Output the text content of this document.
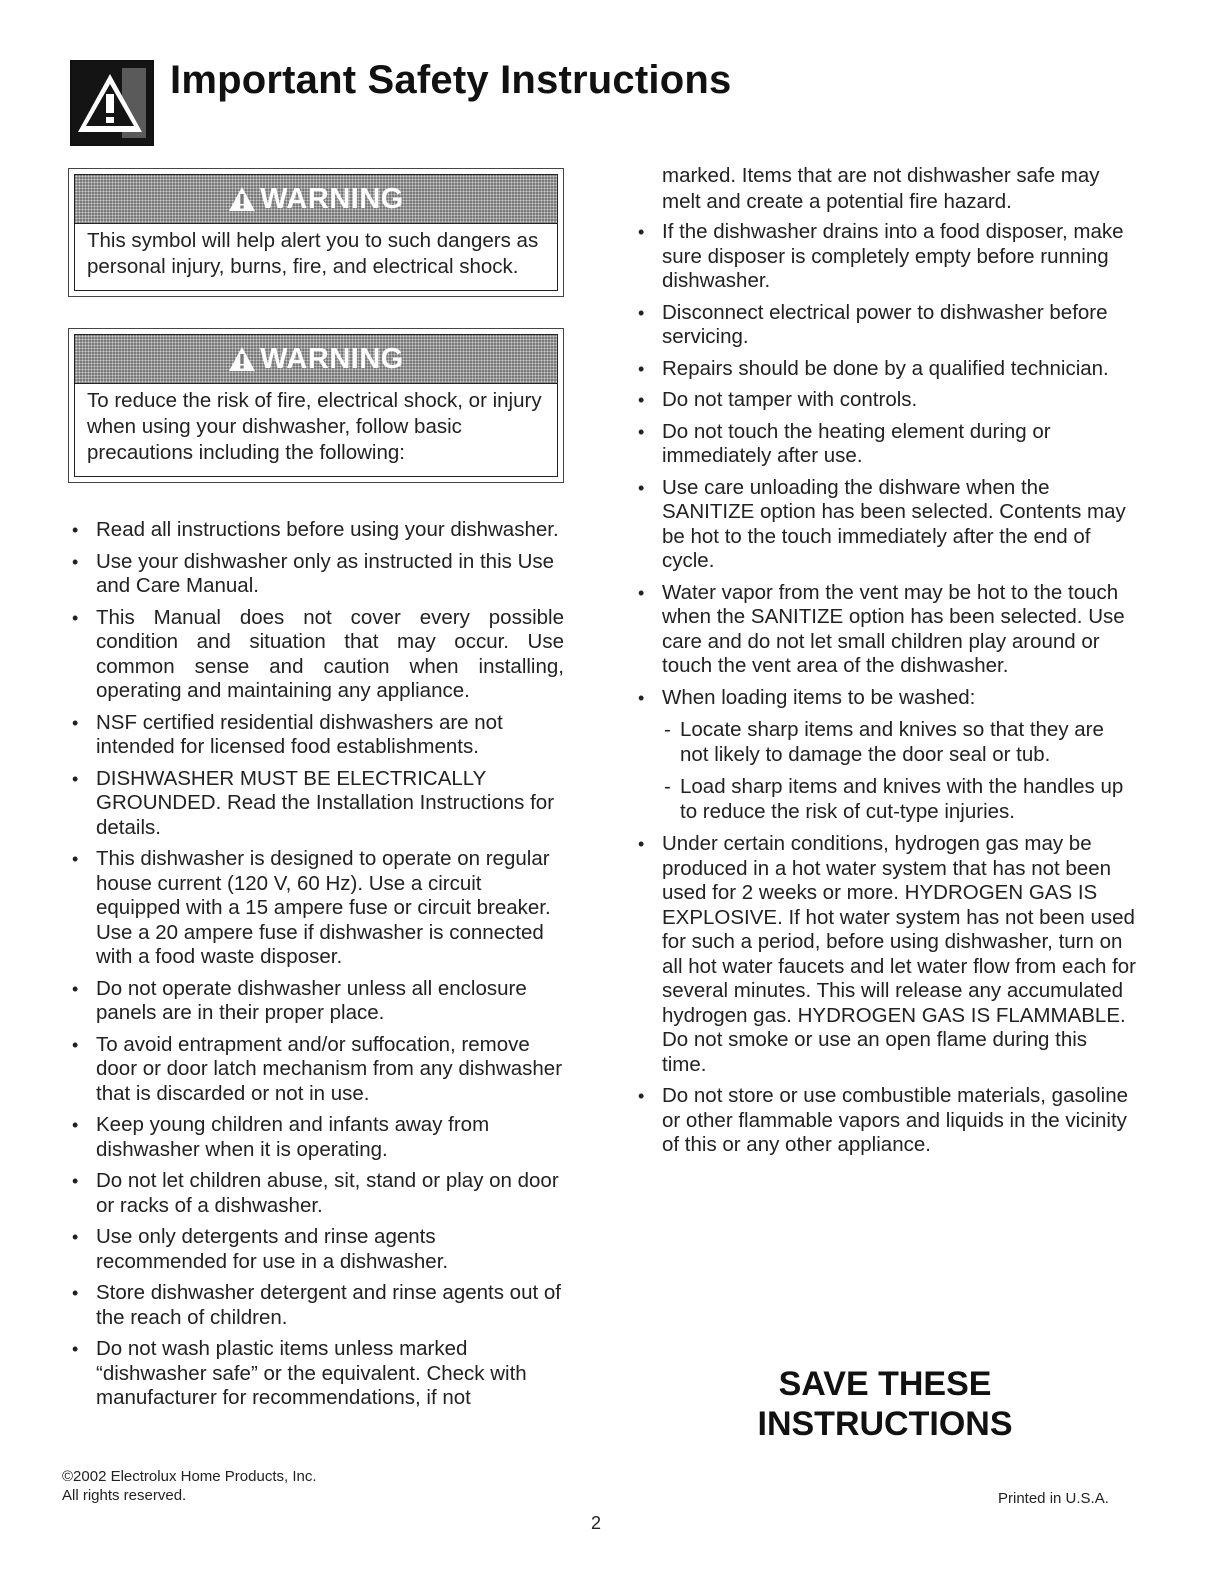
Important Safety Instructions
WARNING
This symbol will help alert you to such dangers as personal injury, burns, fire, and electrical shock.
WARNING
To reduce the risk of fire, electrical shock, or injury when using your dishwasher, follow basic precautions including the following:
• Read all instructions before using your dishwasher.
• Use your dishwasher only as instructed in this Use and Care Manual.
• This Manual does not cover every possible condition and situation that may occur. Use common sense and caution when installing, operating and maintaining any appliance.
• NSF certified residential dishwashers are not intended for licensed food establishments.
• DISHWASHER MUST BE ELECTRICALLY GROUNDED. Read the Installation Instructions for details.
• This dishwasher is designed to operate on regular house current (120 V, 60 Hz). Use a circuit equipped with a 15 ampere fuse or circuit breaker. Use a 20 ampere fuse if dishwasher is connected with a food waste disposer.
• Do not operate dishwasher unless all enclosure panels are in their proper place.
• To avoid entrapment and/or suffocation, remove door or door latch mechanism from any dishwasher that is discarded or not in use.
• Keep young children and infants away from dishwasher when it is operating.
• Do not let children abuse, sit, stand or play on door or racks of a dishwasher.
• Use only detergents and rinse agents recommended for use in a dishwasher.
• Store dishwasher detergent and rinse agents out of the reach of children.
• Do not wash plastic items unless marked “dishwasher safe” or the equivalent. Check with manufacturer for recommendations, if not
marked. Items that are not dishwasher safe may melt and create a potential fire hazard.
• If the dishwasher drains into a food disposer, make sure disposer is completely empty before running dishwasher.
• Disconnect electrical power to dishwasher before servicing.
• Repairs should be done by a qualified technician.
• Do not tamper with controls.
• Do not touch the heating element during or immediately after use.
• Use care unloading the dishware when the SANITIZE option has been selected. Contents may be hot to the touch immediately after the end of cycle.
• Water vapor from the vent may be hot to the touch when the SANITIZE option has been selected. Use care and do not let small children play around or touch the vent area of the dishwasher.
• When loading items to be washed:
- Locate sharp items and knives so that they are not likely to damage the door seal or tub.
- Load sharp items and knives with the handles up to reduce the risk of cut-type injuries.
• Under certain conditions, hydrogen gas may be produced in a hot water system that has not been used for 2 weeks or more. HYDROGEN GAS IS EXPLOSIVE. If hot water system has not been used for such a period, before using dishwasher, turn on all hot water faucets and let water flow from each for several minutes. This will release any accumulated hydrogen gas. HYDROGEN GAS IS FLAMMABLE. Do not smoke or use an open flame during this time.
• Do not store or use combustible materials, gasoline or other flammable vapors and liquids in the vicinity of this or any other appliance.
SAVE THESE
INSTRUCTIONS
©2002 Electrolux Home Products, Inc.
All rights reserved.
2
Printed in U.S.A.
